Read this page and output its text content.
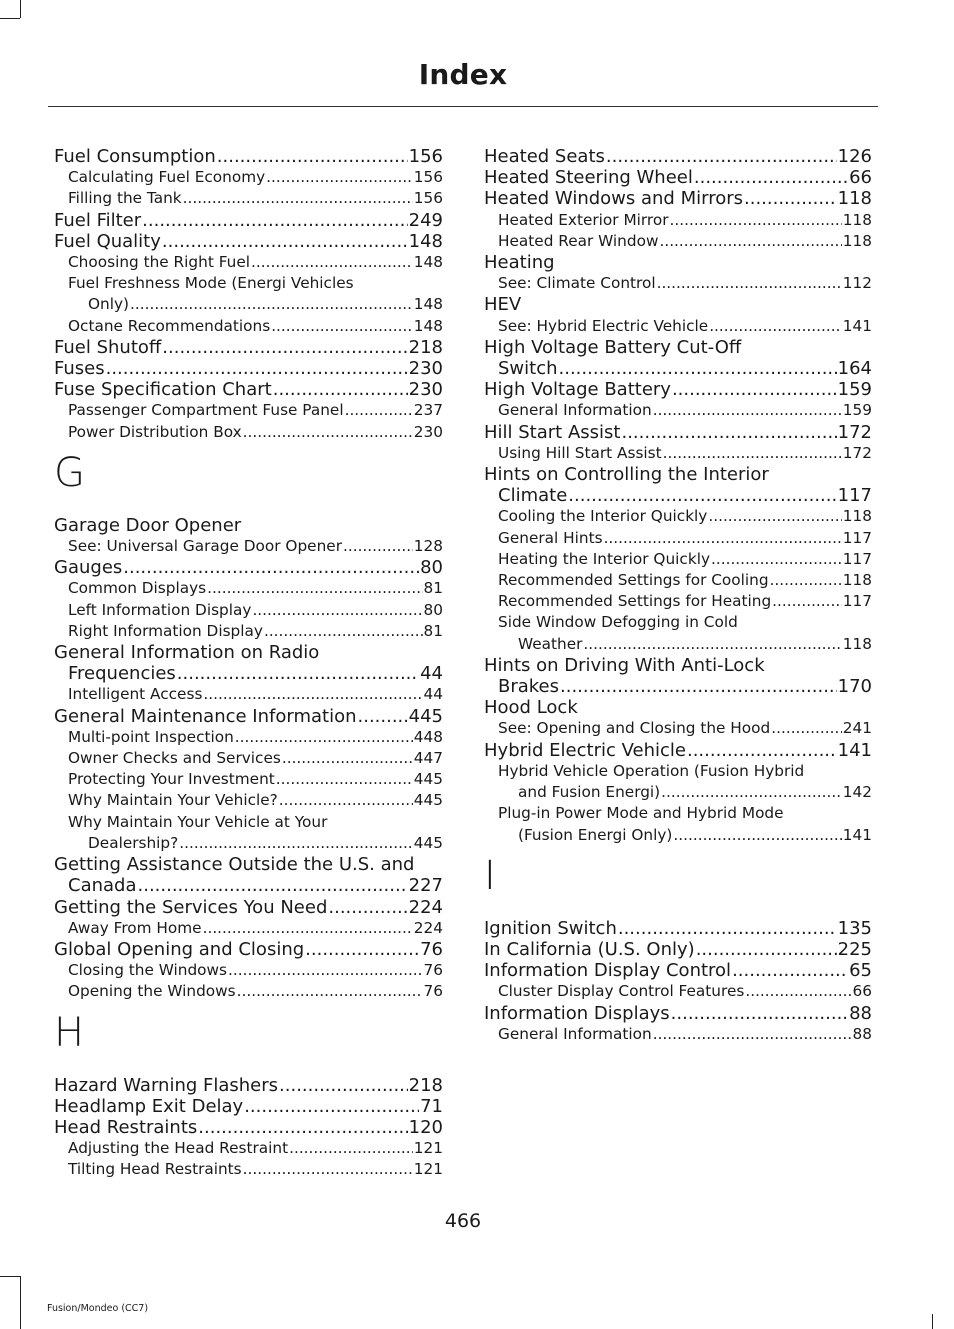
Index
Fuel Consumption .....	156
Calculating Fuel Economy .....	156
Filling the Tank .....	156
Fuel Filter .....	249
Fuel Quality .....	148
Choosing the Right Fuel .....	148
Fuel Freshness Mode (Energi Vehicles
Only) .....	148
Octane Recommendations .....	148
Fuel Shutoff .....	218
Fuses .....	230
Fuse Specification Chart .....	230
Passenger Compartment Fuse Panel .....	237
Power Distribution Box .....	230
G
Garage Door Opener
See: Universal Garage Door Opener .....	128
Gauges .....	80
Common Displays .....	81
Left Information Display .....	80
Right Information Display .....	81
General Information on Radio
Frequencies .....	44
Intelligent Access .....	44
General Maintenance Information .....	445
Multi-point Inspection .....	448
Owner Checks and Services .....	447
Protecting Your Investment .....	445
Why Maintain Your Vehicle? .....	445
Why Maintain Your Vehicle at Your
Dealership? .....	445
Getting Assistance Outside the U.S. and
Canada .....	227
Getting the Services You Need .....	224
Away From Home .....	224
Global Opening and Closing .....	76
Closing the Windows .....	76
Opening the Windows .....	76
H
Hazard Warning Flashers .....	218
Headlamp Exit Delay .....	71
Head Restraints .....	120
Adjusting the Head Restraint .....	121
Tilting Head Restraints .....	121
Heated Seats .....	126
Heated Steering Wheel .....	66
Heated Windows and Mirrors .....	118
Heated Exterior Mirror .....	118
Heated Rear Window .....	118
Heating
See: Climate Control .....	112
HEV
See: Hybrid Electric Vehicle .....	141
High Voltage Battery Cut-Off
Switch .....	164
High Voltage Battery .....	159
General Information .....	159
Hill Start Assist .....	172
Using Hill Start Assist .....	172
Hints on Controlling the Interior
Climate .....	117
Cooling the Interior Quickly .....	118
General Hints .....	117
Heating the Interior Quickly .....	117
Recommended Settings for Cooling .....	118
Recommended Settings for Heating .....	117
Side Window Defogging in Cold
Weather .....	118
Hints on Driving With Anti-Lock
Brakes .....	170
Hood Lock
See: Opening and Closing the Hood .....	241
Hybrid Electric Vehicle .....	141
Hybrid Vehicle Operation (Fusion Hybrid
and Fusion Energi) .....	142
Plug-in Power Mode and Hybrid Mode
(Fusion Energi Only) .....	141
I
Ignition Switch .....	135
In California (U.S. Only) .....	225
Information Display Control .....	65
Cluster Display Control Features .....	66
Information Displays .....	88
General Information .....	88
466
Fusion/Mondeo (CC7)
